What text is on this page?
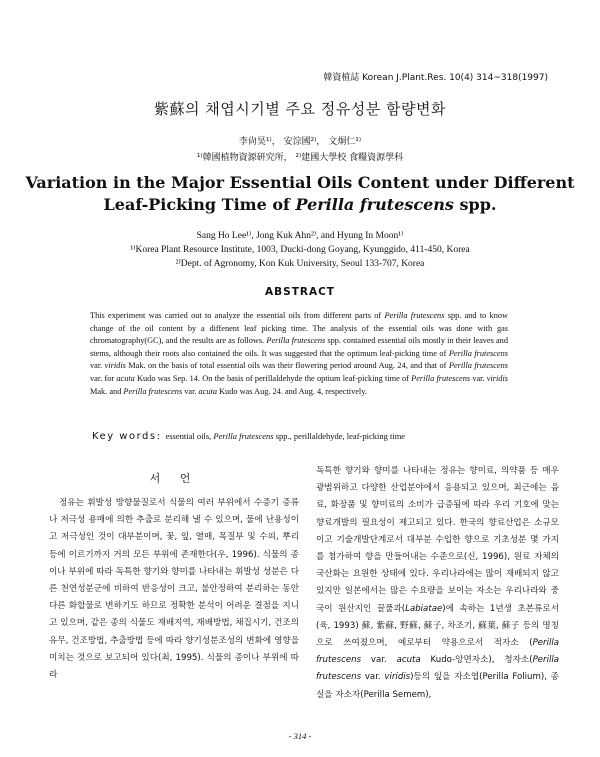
韓資植誌 Korean J.Plant.Res. 10(4) 314~318(1997)
紫蘇의 채엽시기별 주요 정유성분 함량변화
李尙昊¹⁾， 安淙國²⁾， 文炯仁¹⁾
¹⁾韓國植物資源硏究所， ²⁾建國大學校 食糧資源學科
Variation in the Major Essential Oils Content under Different
Leaf-Picking Time of Perilla frutescens spp.
Sang Ho Lee¹⁾, Jong Kuk Ahn²⁾, and Hyung In Moon¹⁾
¹⁾Korea Plant Resource Institute, 1003, Ducki-dong Goyang, Kyunggido, 411-450, Korea
²⁾Dept. of Agronomy, Kon Kuk University, Seoul 133-707, Korea
ABSTRACT
This experiment was carried out to analyze the essential oils from different parts of Perilla frutescens spp. and to know change of the oil content by a diffenent leaf picking time. The analysis of the essential oils was done with gas chromatography(GC), and the results are as follows. Perilla frutescens spp. contained essential oils mostly in their leaves and stems, although their roots also contained the oils. It was suggested that the optimum leaf-picking time of Perilla frutescens var. viridis Mak. on the basis of total essential oils was their flowering period around Aug. 24, and that of Perilla frutescens var. for acuta Kudo was Sep. 14. On the basis of perillaldehyde the optium leaf-picking time of Perilla frutescens var. viridis Mak. and Perilla frutescens var. acuta Kudo was Aug. 24. and Aug. 4, respectively.
Key words: essential oils, Perilla frutescens spp., perillaldehyde, leaf-picking time
서 언

정유는 휘발성 방향물질로서 식물의 여러 부위에서 수증기 증류나 저극성 용매에 의한 추출로 분리해 낼 수 있으며, 물에 난용성이고 저극성인 것이 대부분이며, 꽃, 잎, 열매, 목질부 및 수피, 뿌리 등에 이르기까지 거의 모든 부위에 존재한다(우, 1996). 식물의 종이나 부위에 따라 독특한 향기와 향미를 나타내는 휘발성 성분은 다른 천연성분군에 비하여 반응성이 크고, 불안정하여 분리하는 동안 다른 화합물로 변하기도 하므로 정확한 분석이 어려운 결점을 지니고 있으며, 같은 종의 식물도 재배지역, 재배방법, 채집시기, 건조의 유무, 건조방법, 추출방법 등에 따라 향기성분조성의 변화에 영향을 미치는 것으로 보고되어 있다(최, 1995). 식물의 종이나 부위에 따라

독특한 향기와 향미를 나타내는 정유는 향미료, 의약품 등 매우 광범위하고 다양한 산업분야에서 응용되고 있으며, 최근에는 음료, 화장품 및 향미료의 소비가 급증됨에 따라 우리 기호에 맞는 향료개발의 필요성이 제고되고 있다. 한국의 향료산업은 소규모이고 기술개발단계로서 대부분 수입한 향으로 기초성분 몇 가지를 첨가하여 향을 만들어내는 수준으로(신, 1996), 원료 자체의 국산화는 요원한 상태에 있다. 우리나라에는 많이 재배되지 않고 있지만 일본에서는 많은 수요량을 보이는 자소는 우리나라와 중국이 원산지인 꿀풀과(Labiatae)에 속하는 1년생 초본류로서(육, 1993) 蘇, 紫蘇, 野蘇, 蘇子, 차조기, 蘇葉, 蘇子 등의 명칭으로 쓰여졌으며, 예로부터 약용으로서 적자소 (Perilla frutescens var. acuta Kudo-앙면자소), 청자소(Perilla frutescens var. viridis)등의 잎을 자소엽(Perilla Folium), 종실을 자소자(Perilla Semem),

- 314 -
